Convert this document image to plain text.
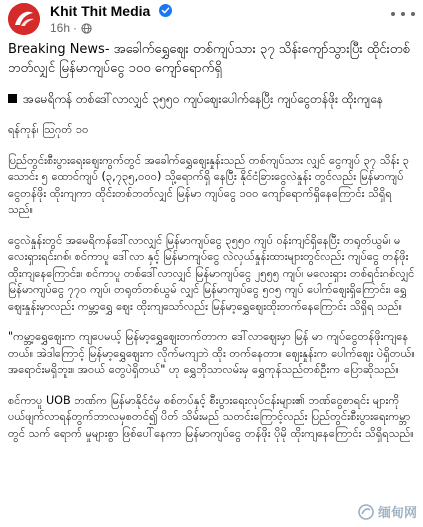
Khit Thit Media
16h ·

Breaking News- အခေါက်ရွှေဈေး တစ်ကျပ်သား ၃၇ သိန်းကျော်သွားပြီး ထိုင်းတစ်ဘတ်လျှင် မြန်မာကျပ်ငွေ ၁၀၀ ကျော်ရောက်ရှိ

အမေရိကန် တစ်ဒေါ်လာလျှင် ၃၅၅၀ ကျပ်ဈေးပေါက်နေပြီး ကျပ်ငွေတန်ဖိုး ထိုးကျနေ

ရန်ကုန်၊ ဩဂုတ် ၁၀

ပြည်တွင်းစီးပွားရေးဈေးကွက်တွင် အခေါက်ရွှေဈေးနှုန်းသည် တစ်ကျပ်သား လျှင် ငွေကျပ် ၃၇ သိန်း ၃ သောင်း ၅ ထောင်ကျပ် (၃,၇၃၅,၀၀၀) သို့ရောက်ရှိ နေပြီး နိုင်ငံခြားငွေလဲနှုန်း တွင်လည်း မြန်မာကျပ်ငွေတန်ဖိုး ထိုးကျကာ ထိုင်းတစ်ဘတ်လျှင် မြန်မာ ကျပ်ငွေ ၁၀၀ ကျော်ရောက်ရှိနေကြောင်း သိရှိရသည်။

ငွေလဲနှုန်းတွင် အမေရိကန်ဒေါ်လာလျှင် မြန်မာကျပ်ငွေ ၃၅၅၀ ကျပ် ဝန်းကျင်ရှိနေပြီး တရုတ်ယွမ်၊ မလေးရှားရင်းဂစ်၊ စင်ကာပူ ဒေါ်လာ နှင့် မြန်မာကျပ်ငွေ လဲလှယ်နှုန်းထားများတွင်လည်း ကျပ်ငွေ တန်ဖိုး ထိုးကျနေကြောင်း။ စင်ကာပူ တစ်ဒေါ်လာလျှင် မြန်မာကျပ်ငွေ ၂၅၅၅ ကျပ်၊ မလေးရှား တစ်ရင်းဂစ်လျှင် မြန်မာကျပ်ငွေ ၇၇၀ ကျပ်၊ တရုတ်တစ်ယွမ် လျှင် မြန်မာကျပ်ငွေ ၅၀၅ ကျပ် ပေါက်ဈေးရှိကြောင်း၊ ရွှေဈေးနှုန်းမှာလည်း ကမ္ဘာ့ရွှေ ဈေး ထိုးကျသော်လည်း မြန်မာ့ရွှေဈေးထိုးတက်နေကြောင်း သိရှိရ သည်။

"ကမ္ဘာ့ရွှေဈေးက ကျပေမယ့် မြန်မာ့ရွှေဈေးတက်တာက ဒေါ်လာဈေးမှာ မြန် မာ ကျပ်ငွေတန်ဖိုးကျနေတယ်။ အဲဒါကြောင့် မြန်မာ့ရွှေဈေးက လိုက်မကျဘဲ ထိုး တက်နေတာ။ ဈေးနှုန်းက ပေါက်ဈေး ပဲရှိတယ်။ အရောင်းမရှိဘူး။ အဝယ် တွေပဲရှိတယ်" ဟု ရွှေဘိုသာလမ်းမှ ရွှေကုန်သည်တစ်ဦးက ပြောဆိုသည်။

စင်ကာပူ UOB ဘဏ်က မြန်မာနိုင်ငံမှ စစ်တပ်နှင့် စီးပွားရေးလုပ်ငန်းများ၏ ဘဏ်ငွေစာရင်း များကို ပယ်ဖျက်လာရန်တွက်ဘာလမှစတင်၍ ပိတ် သိမ်းမည် သတင်းကြောင့်လည်း ပြည်တွင်းစီးပွားရေးကမ္ဘာတွင် သက် ရောက် မှုများစွာ ဖြစ်ပေါ်နေကာ မြန်မာကျပ်ငွေ တန်ဖိုး ပိုမို ထိုးကျနေကြောင်း သိရှိရသည်။

缅甸网
